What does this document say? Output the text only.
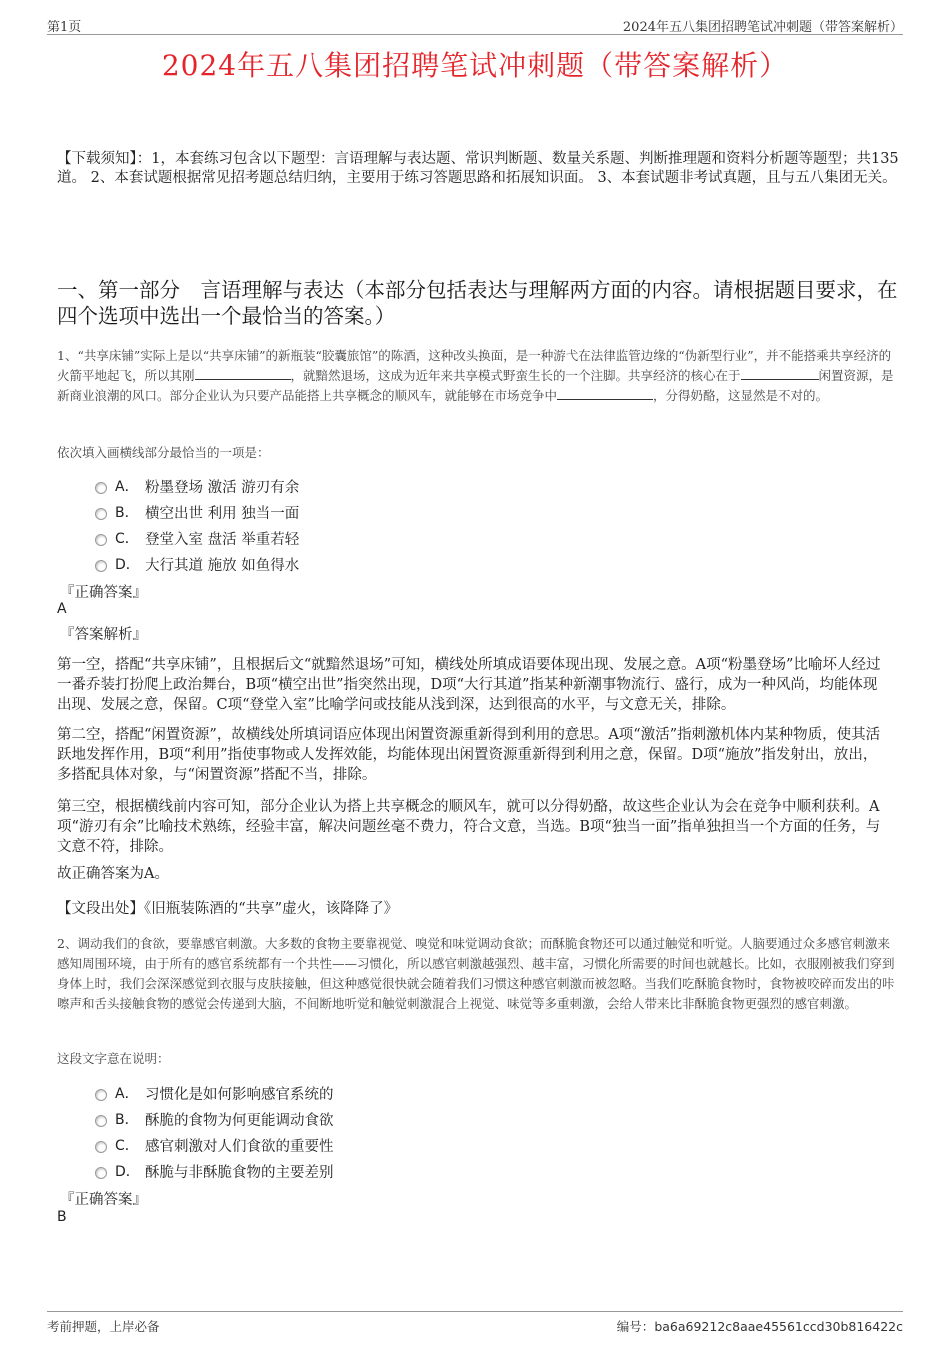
第1页	2024年五八集团招聘笔试冲刺题（带答案解析）
2024年五八集团招聘笔试冲刺题（带答案解析）
【下载须知】：1，本套练习包含以下题型：言语理解与表达题、常识判断题、数量关系题、判断推理题和资料分析题等题型；共135道。 2、本套试题根据常见招考题总结归纳，主要用于练习答题思路和拓展知识面。 3、本套试题非考试真题，且与五八集团无关。
一、第一部分　言语理解与表达（本部分包括表达与理解两方面的内容。请根据题目要求，在四个选项中选出一个最恰当的答案。）
1、“共享床铺”实际上是以“共享床铺”的新瓶装“胶囊旅馆”的陈酒，这种改头换面，是一种游弋在法律监管边缘的“伪新型行业”，并不能搭乘共享经济的火箭平地起飞，所以其刚	，就黯然退场，这成为近年来共享模式野蛮生长的一个注脚。共享经济的核心在于	闲置资源，是新商业浪潮的风口。部分企业认为只要产品能搭上共享概念的顺风车，就能够在市场竞争中	，分得奶酪，这显然是不对的。
依次填入画横线部分最恰当的一项是：
A． 粉墨登场 激活 游刃有余
B． 横空出世 利用 独当一面
C． 登堂入室 盘活 举重若轻
D． 大行其道 施放 如鱼得水
『正确答案』
A
『答案解析』
第一空，搭配“共享床铺”，且根据后文“就黯然退场”可知，横线处所填成语要体现出现、发展之意。A项“粉墨登场”比喻坏人经过一番乔装打扮爬上政治舞台，B项“横空出世”指突然出现，D项“大行其道”指某种新潮事物流行、盛行，成为一种风尚，均能体现出现、发展之意，保留。C项“登堂入室”比喻学问或技能从浅到深，达到很高的水平，与文意无关，排除。
第二空，搭配“闲置资源”，故横线处所填词语应体现出闲置资源重新得到利用的意思。A项“激活”指刺激机体内某种物质，使其活跃地发挥作用，B项“利用”指使事物或人发挥效能，均能体现出闲置资源重新得到利用之意，保留。D项“施放”指发射出，放出，多搭配具体对象，与“闲置资源”搭配不当，排除。
第三空，根据横线前内容可知，部分企业认为搭上共享概念的顺风车，就可以分得奶酪，故这些企业认为会在竞争中顺利获利。A项“游刃有余”比喻技术熟练，经验丰富，解决问题丝毫不费力，符合文意，当选。B项“独当一面”指单独担当一个方面的任务，与文意不符，排除。
故正确答案为A。
【文段出处】《旧瓶装陈酒的“共享”虚火，该降降了》
2、调动我们的食欲，要靠感官刺激。大多数的食物主要靠视觉、嗅觉和味觉调动食欲；而酥脆食物还可以通过触觉和听觉。人脑要通过众多感官刺激来感知周围环境，由于所有的感官系统都有一个共性——习惯化，所以感官刺激越强烈、越丰富，习惯化所需要的时间也就越长。比如，衣服刚被我们穿到身体上时，我们会深深感觉到衣服与皮肤接触，但这种感觉很快就会随着我们习惯这种感官刺激而被忽略。当我们吃酥脆食物时，食物被咬碎而发出的咔嚓声和舌头接触食物的感觉会传递到大脑，不间断地听觉和触觉刺激混合上视觉、味觉等多重刺激，会给人带来比非酥脆食物更强烈的感官刺激。
这段文字意在说明：
A． 习惯化是如何影响感官系统的
B． 酥脆的食物为何更能调动食欲
C． 感官刺激对人们食欲的重要性
D． 酥脆与非酥脆食物的主要差别
『正确答案』
B
考前押题，上岸必备	编号：ba6a69212c8aae45561ccd30b816422c
